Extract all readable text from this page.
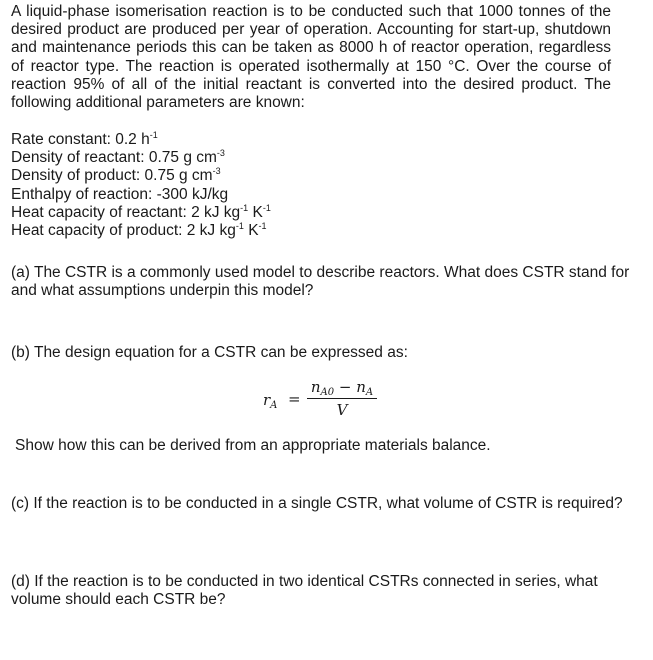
A liquid-phase isomerisation reaction is to be conducted such that 1000 tonnes of the desired product are produced per year of operation. Accounting for start-up, shutdown and maintenance periods this can be taken as 8000 h of reactor operation, regardless of reactor type. The reaction is operated isothermally at 150 °C. Over the course of reaction 95% of all of the initial reactant is converted into the desired product. The following additional parameters are known:

Rate constant: 0.2 $h^{-1}$
Density of reactant: 0.75 g $cm^{-3}$
Density of product: 0.75 g $cm^{-3}$
Enthalpy of reaction: -300 kJ/kg
Heat capacity of reactant: 2 kJ $kg^{-1}$ $K^{-1}$
Heat capacity of product: 2 kJ $kg^{-1}$ $K^{-1}$

(a) The CSTR is a commonly used model to describe reactors. What does CSTR stand for and what assumptions underpin this model?

(b) The design equation for a CSTR can be expressed as:

$r_A$ =
$n_{A0} - n_A$
V

Show how this can be derived from an appropriate materials balance.

(c) If the reaction is to be conducted in a single CSTR, what volume of CSTR is required?

(d) If the reaction is to be conducted in two identical CSTRs connected in series, what volume should each CSTR be?
